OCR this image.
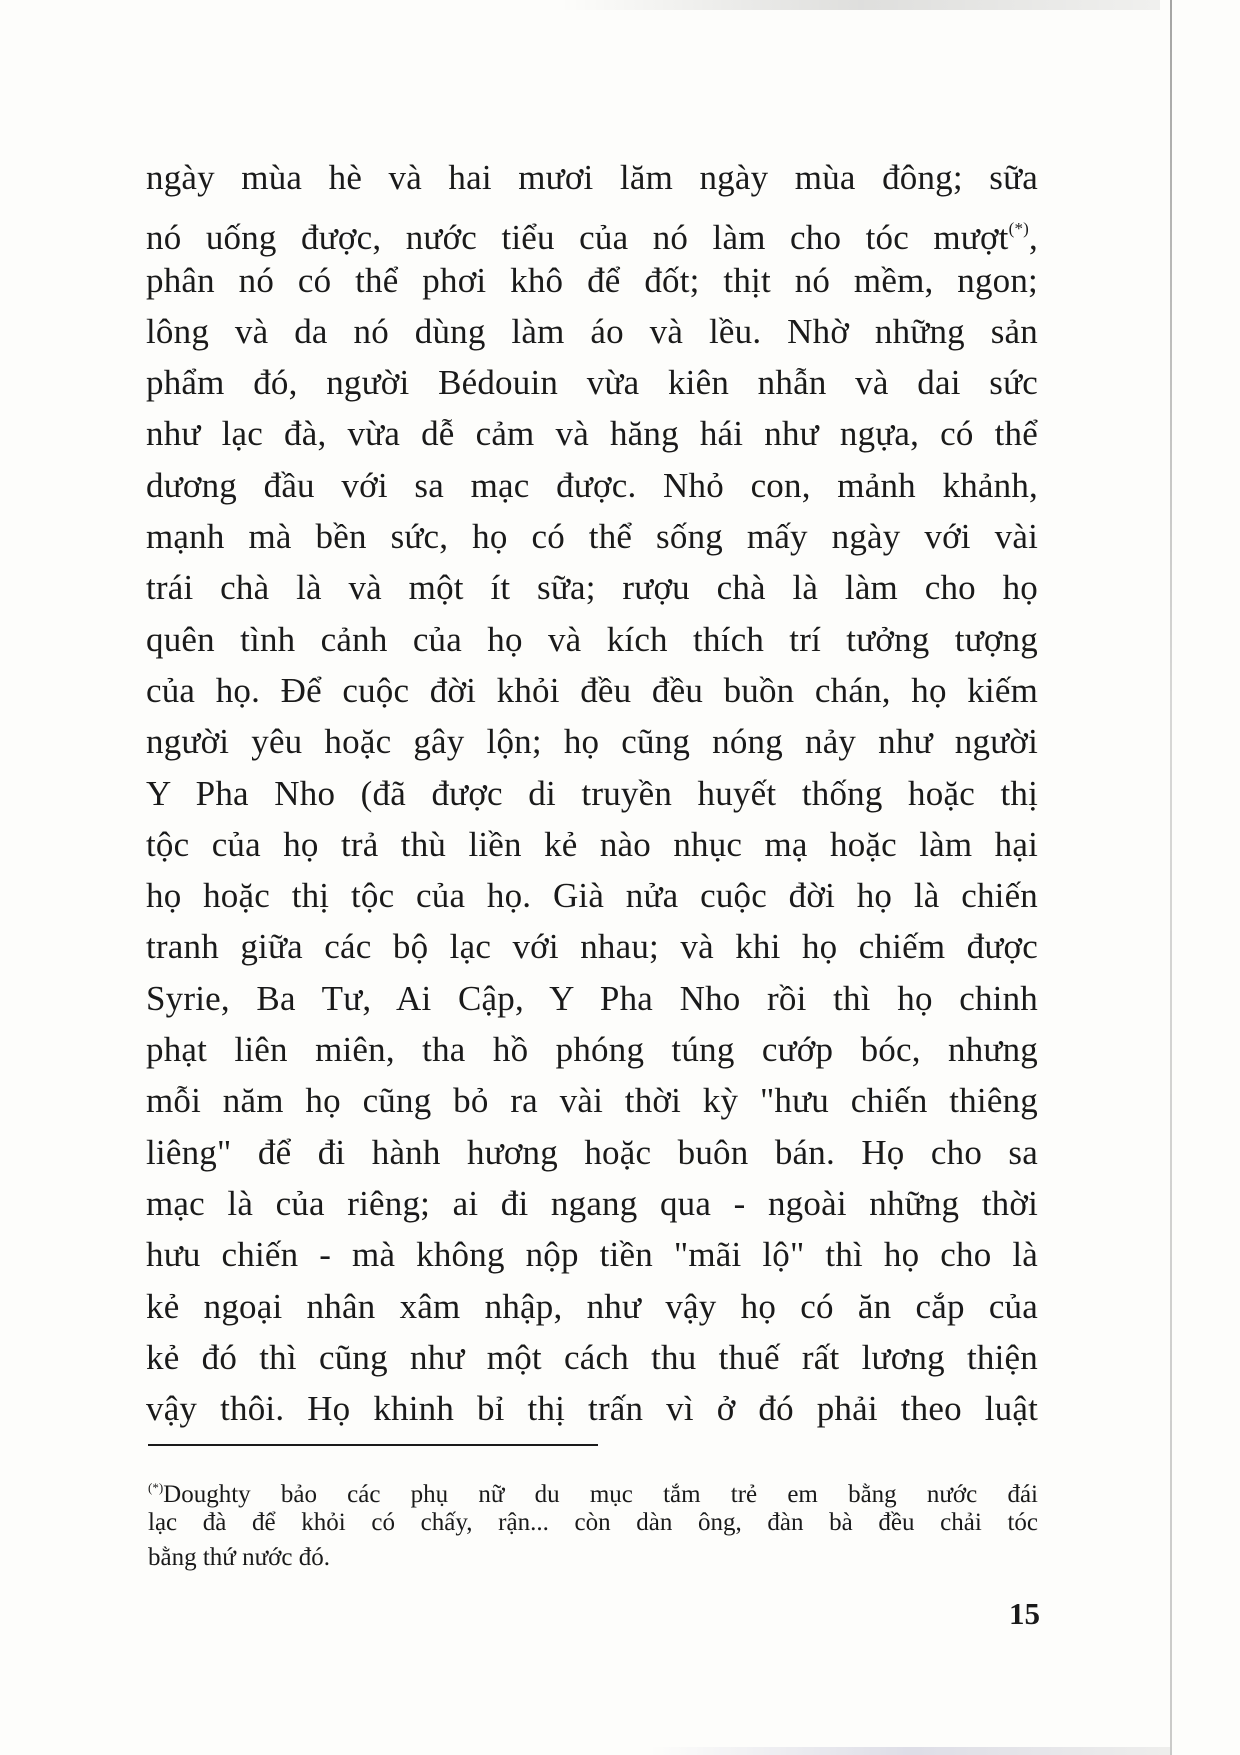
ngày mùa hè và hai mươi lăm ngày mùa đông; sữa
nó uống được, nước tiểu của nó làm cho tóc mượt(*),
phân nó có thể phơi khô để đốt; thịt nó mềm, ngon;
lông và da nó dùng làm áo và lều. Nhờ những sản
phẩm đó, người Bédouin vừa kiên nhẫn và dai sức
như lạc đà, vừa dễ cảm và hăng hái như ngựa, có thể
dương đầu với sa mạc được. Nhỏ con, mảnh khảnh,
mạnh mà bền sức, họ có thể sống mấy ngày với vài
trái chà là và một ít sữa; rượu chà là làm cho họ
quên tình cảnh của họ và kích thích trí tưởng tượng
của họ. Để cuộc đời khỏi đều đều buồn chán, họ kiếm
người yêu hoặc gây lộn; họ cũng nóng nảy như người
Y Pha Nho (đã được di truyền huyết thống hoặc thị
tộc của họ trả thù liền kẻ nào nhục mạ hoặc làm hại
họ hoặc thị tộc của họ. Già nửa cuộc đời họ là chiến
tranh giữa các bộ lạc với nhau; và khi họ chiếm được
Syrie, Ba Tư, Ai Cập, Y Pha Nho rồi thì họ chinh
phạt liên miên, tha hồ phóng túng cướp bóc, nhưng
mỗi năm họ cũng bỏ ra vài thời kỳ "hưu chiến thiêng
liêng" để đi hành hương hoặc buôn bán. Họ cho sa
mạc là của riêng; ai đi ngang qua - ngoài những thời
hưu chiến - mà không nộp tiền "mãi lộ" thì họ cho là
kẻ ngoại nhân xâm nhập, như vậy họ có ăn cắp của
kẻ đó thì cũng như một cách thu thuế rất lương thiện
vậy thôi. Họ khinh bỉ thị trấn vì ở đó phải theo luật
(*)Doughty bảo các phụ nữ du mục tắm trẻ em bằng nước đái
lạc đà để khỏi có chấy, rận... còn dàn ông, đàn bà đều chải tóc
bằng thứ nước đó.
15
